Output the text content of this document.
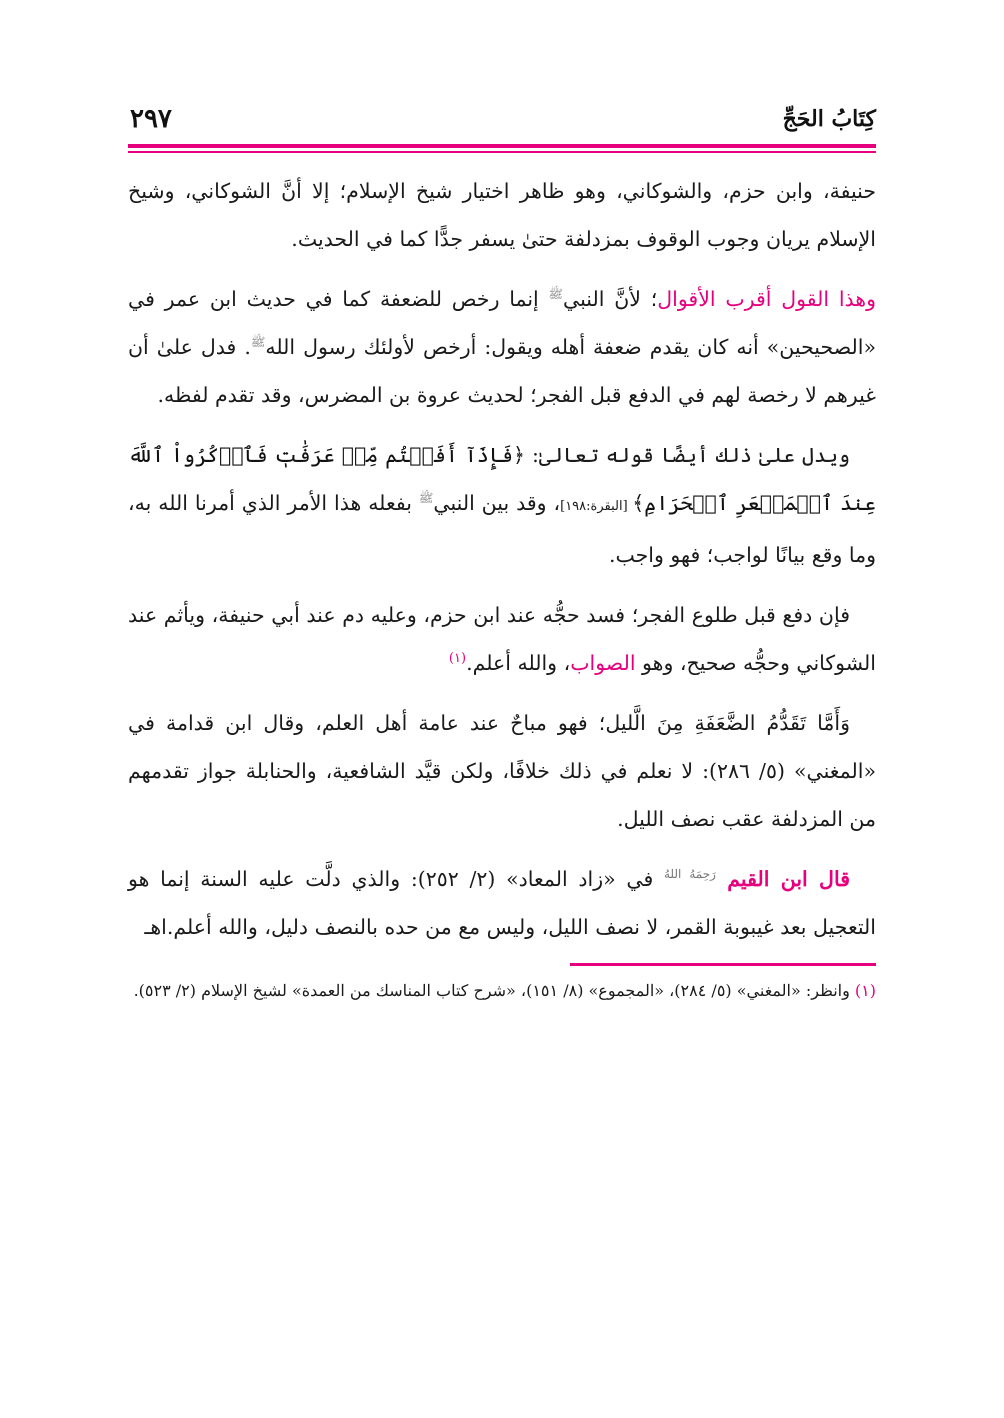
كِتَابُ الحَجِّ
٢٩٧

حنيفة، وابن حزم، والشوكاني، وهو ظاهر اختيار شيخ الإسلام؛ إلا أنَّ الشوكاني، وشيخ الإسلام يريان وجوب الوقوف بمزدلفة حتىٰ يسفر جدًّا كما في الحديث.

وهذا القول أقرب الأقوال؛ لأنَّ النبي$^ﷺ$ إنما رخص للضعفة كما في حديث ابن عمر في «الصحيحين» أنه كان يقدم ضعفة أهله ويقول: أرخص لأولئك رسول الله$^ﷺ$. فدل علىٰ أن غيرهم لا رخصة لهم في الدفع قبل الفجر؛ لحديث عروة بن المضرس، وقد تقدم لفظه.

ويدل علىٰ ذلك أيضًا قوله تعالىٰ: ﴿فَإِذَآ أَفَضۡتُم مِّنۡ عَرَفَٰتٖ فَٱذۡكُرُواْ ٱللَّهَ عِندَ ٱلۡمَشۡعَرِ ٱلۡحَرَامِ﴾ [البقرة:١٩٨]، وقد بين النبي$^ﷺ$ بفعله هذا الأمر الذي أمرنا الله به، وما وقع بيانًا لواجب؛ فهو واجب.

فإن دفع قبل طلوع الفجر؛ فسد حجُّه عند ابن حزم، وعليه دم عند أبي حنيفة، ويأثم عند الشوكاني وحجُّه صحيح، وهو الصواب، والله أعلم.$^{(١)}$

وَأَمَّا تَقَدُّمُ الضَّعَفَةِ مِنَ الَّليل؛ فهو مباحٌ عند عامة أهل العلم، وقال ابن قدامة في «المغني» (٥/ ٢٨٦): لا نعلم في ذلك خلافًا، ولكن قيَّد الشافعية، والحنابلة جواز تقدمهم من المزدلفة عقب نصف الليل.

قال ابن القيم $^{رَحِمَهُ اللهُ}$ في «زاد المعاد» (٢/ ٢٥٢): والذي دلَّت عليه السنة إنما هو التعجيل بعد غيبوبة القمر، لا نصف الليل، وليس مع من حده بالنصف دليل، والله أعلم.اهـ

(١) وانظر: «المغني» (٥/ ٢٨٤)، «المجموع» (٨/ ١٥١)، «شرح كتاب المناسك من العمدة» لشيخ الإسلام (٢/ ٥٢٣).
